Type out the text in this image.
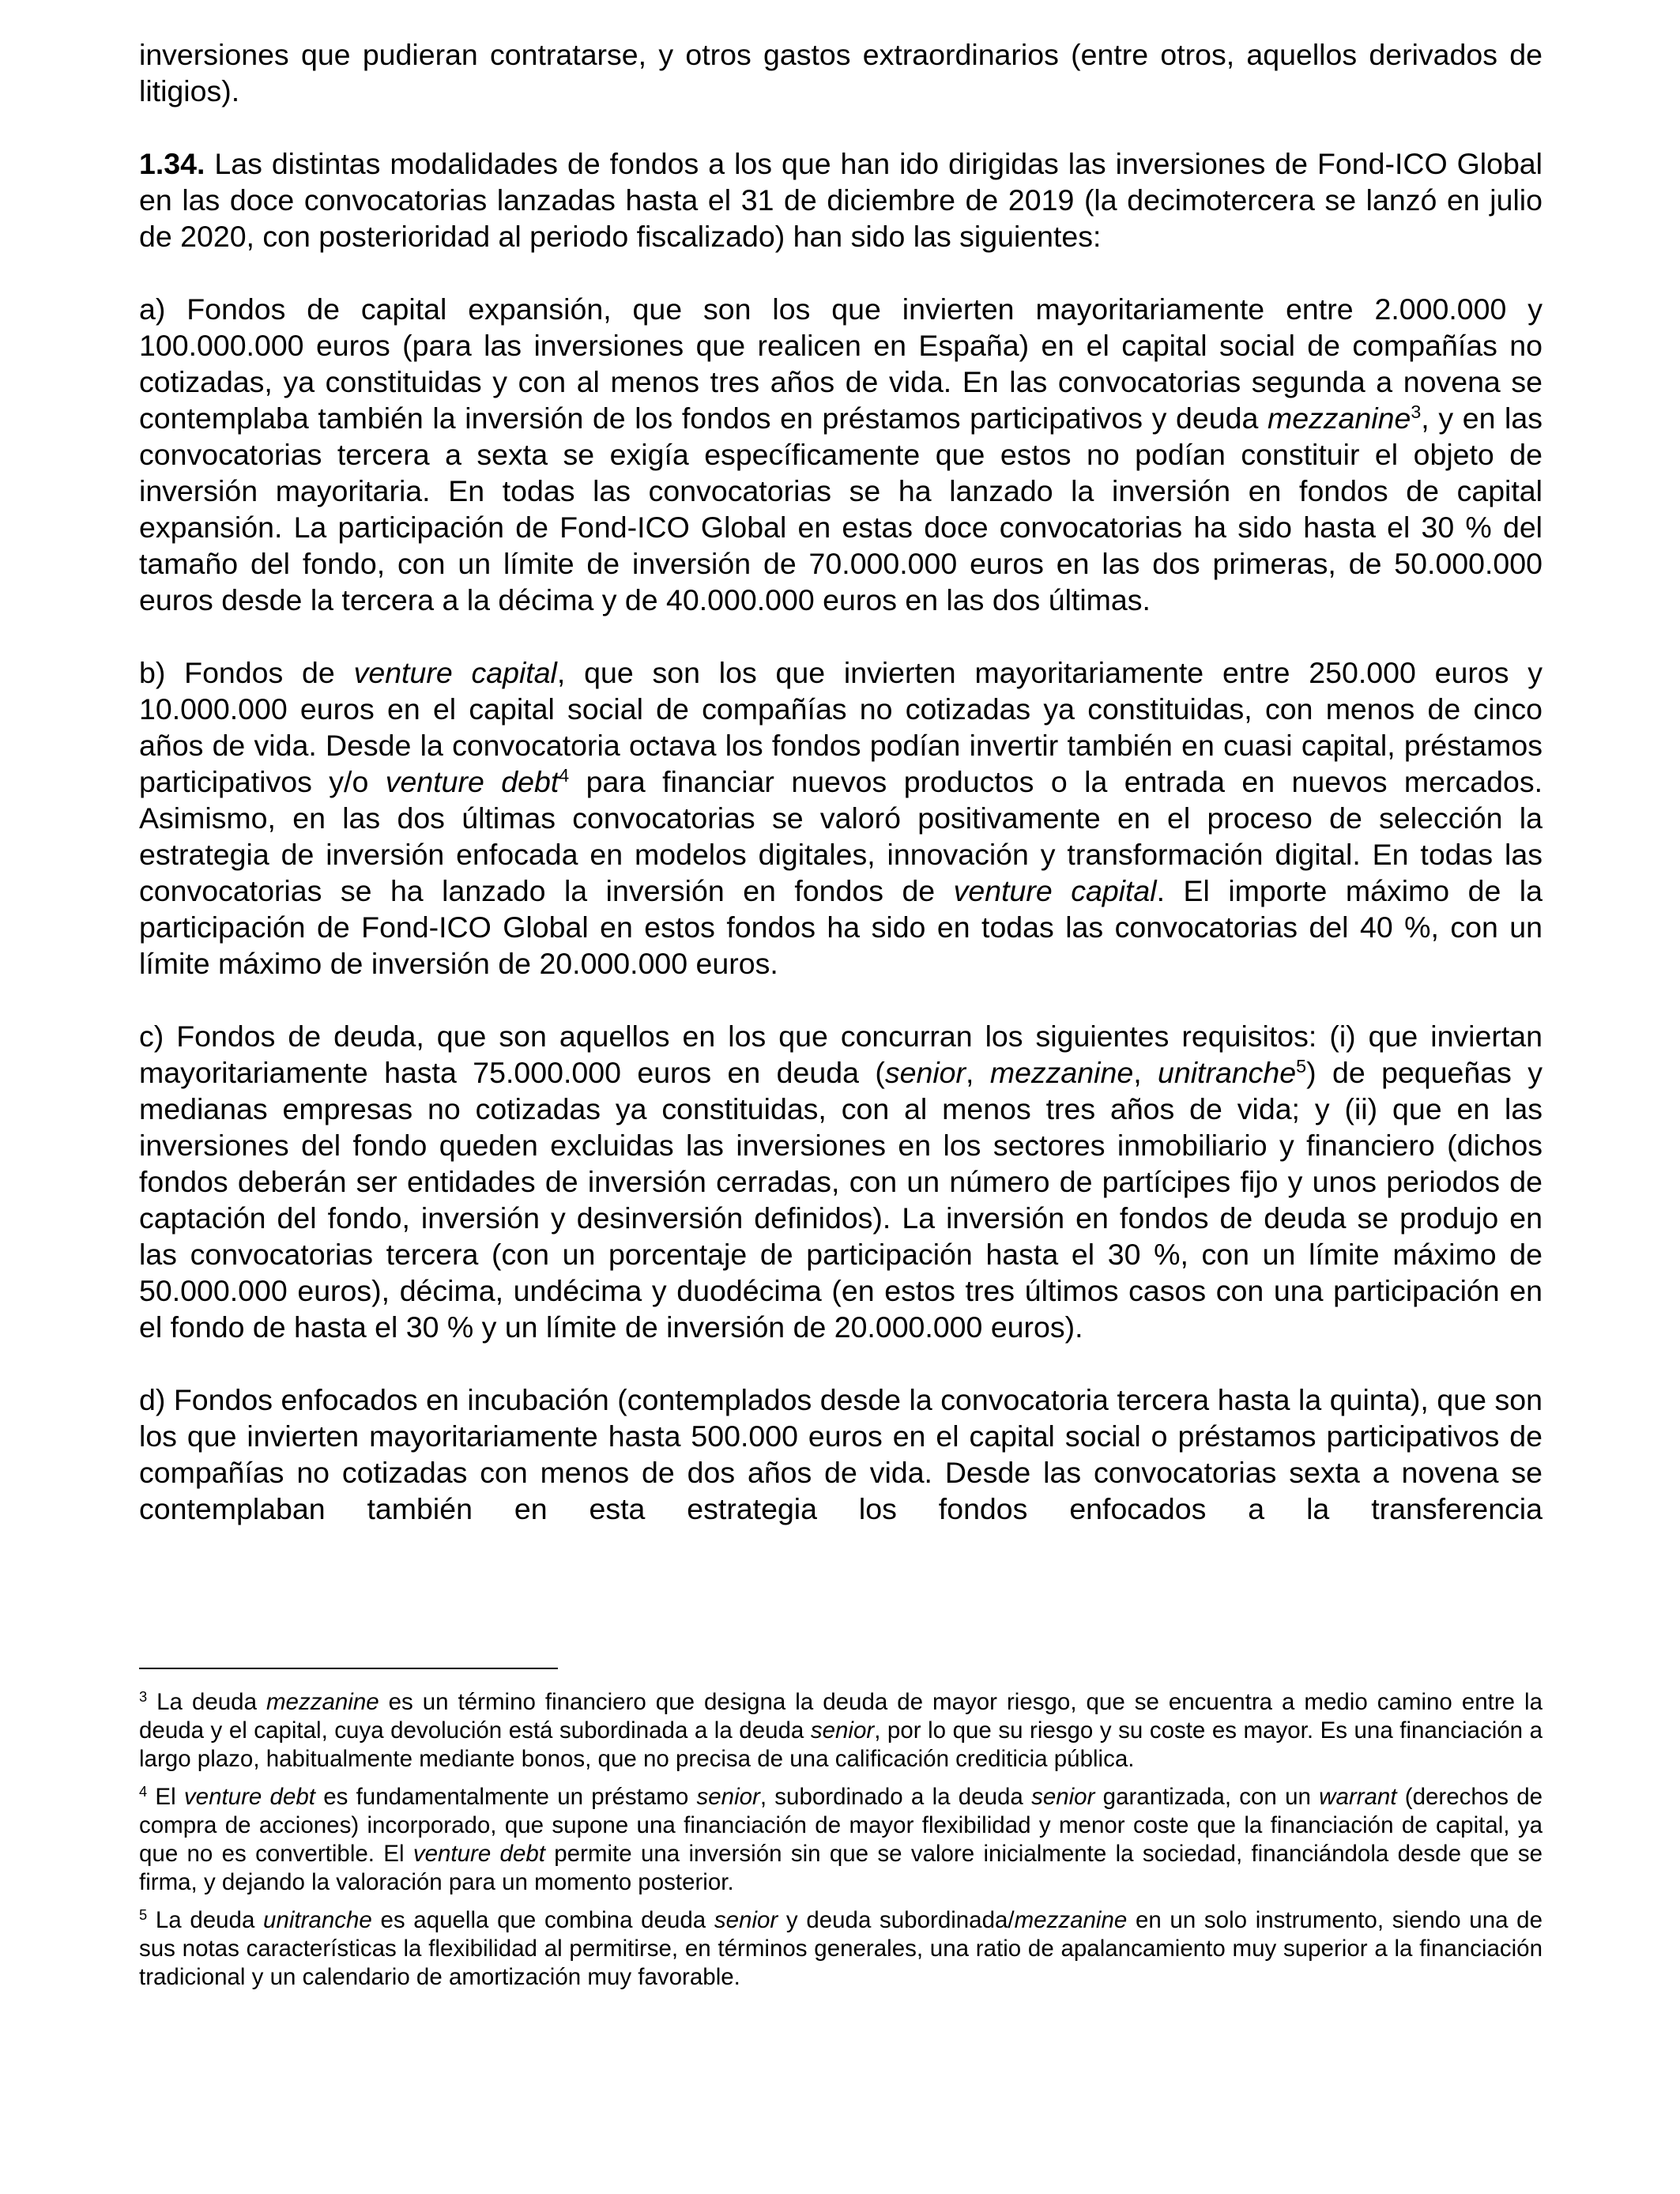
inversiones que pudieran contratarse, y otros gastos extraordinarios (entre otros, aquellos derivados de litigios).

1.34. Las distintas modalidades de fondos a los que han ido dirigidas las inversiones de Fond-ICO Global en las doce convocatorias lanzadas hasta el 31 de diciembre de 2019 (la decimotercera se lanzó en julio de 2020, con posterioridad al periodo fiscalizado) han sido las siguientes:

a) Fondos de capital expansión, que son los que invierten mayoritariamente entre 2.000.000 y 100.000.000 euros (para las inversiones que realicen en España) en el capital social de compañías no cotizadas, ya constituidas y con al menos tres años de vida. En las convocatorias segunda a novena se contemplaba también la inversión de los fondos en préstamos participativos y deuda mezzanine$^3$, y en las convocatorias tercera a sexta se exigía específicamente que estos no podían constituir el objeto de inversión mayoritaria. En todas las convocatorias se ha lanzado la inversión en fondos de capital expansión. La participación de Fond-ICO Global en estas doce convocatorias ha sido hasta el 30 % del tamaño del fondo, con un límite de inversión de 70.000.000 euros en las dos primeras, de 50.000.000 euros desde la tercera a la décima y de 40.000.000 euros en las dos últimas.

b) Fondos de venture capital, que son los que invierten mayoritariamente entre 250.000 euros y 10.000.000 euros en el capital social de compañías no cotizadas ya constituidas, con menos de cinco años de vida. Desde la convocatoria octava los fondos podían invertir también en cuasi capital, préstamos participativos y/o venture debt$^4$ para financiar nuevos productos o la entrada en nuevos mercados. Asimismo, en las dos últimas convocatorias se valoró positivamente en el proceso de selección la estrategia de inversión enfocada en modelos digitales, innovación y transformación digital. En todas las convocatorias se ha lanzado la inversión en fondos de venture capital. El importe máximo de la participación de Fond-ICO Global en estos fondos ha sido en todas las convocatorias del 40 %, con un límite máximo de inversión de 20.000.000 euros.

c) Fondos de deuda, que son aquellos en los que concurran los siguientes requisitos: (i) que inviertan mayoritariamente hasta 75.000.000 euros en deuda (senior, mezzanine, unitranche$^5$) de pequeñas y medianas empresas no cotizadas ya constituidas, con al menos tres años de vida; y (ii) que en las inversiones del fondo queden excluidas las inversiones en los sectores inmobiliario y financiero (dichos fondos deberán ser entidades de inversión cerradas, con un número de partícipes fijo y unos periodos de captación del fondo, inversión y desinversión definidos). La inversión en fondos de deuda se produjo en las convocatorias tercera (con un porcentaje de participación hasta el 30 %, con un límite máximo de 50.000.000 euros), décima, undécima y duodécima (en estos tres últimos casos con una participación en el fondo de hasta el 30 % y un límite de inversión de 20.000.000 euros).

d) Fondos enfocados en incubación (contemplados desde la convocatoria tercera hasta la quinta), que son los que invierten mayoritariamente hasta 500.000 euros en el capital social o préstamos participativos de compañías no cotizadas con menos de dos años de vida. Desde las convocatorias sexta a novena se contemplaban también en esta estrategia los fondos enfocados a la transferencia

$^3$ La deuda mezzanine es un término financiero que designa la deuda de mayor riesgo, que se encuentra a medio camino entre la deuda y el capital, cuya devolución está subordinada a la deuda senior, por lo que su riesgo y su coste es mayor. Es una financiación a largo plazo, habitualmente mediante bonos, que no precisa de una calificación crediticia pública.

$^4$ El venture debt es fundamentalmente un préstamo senior, subordinado a la deuda senior garantizada, con un warrant (derechos de compra de acciones) incorporado, que supone una financiación de mayor flexibilidad y menor coste que la financiación de capital, ya que no es convertible. El venture debt permite una inversión sin que se valore inicialmente la sociedad, financiándola desde que se firma, y dejando la valoración para un momento posterior.

$^5$ La deuda unitranche es aquella que combina deuda senior y deuda subordinada/mezzanine en un solo instrumento, siendo una de sus notas características la flexibilidad al permitirse, en términos generales, una ratio de apalancamiento muy superior a la financiación tradicional y un calendario de amortización muy favorable.
